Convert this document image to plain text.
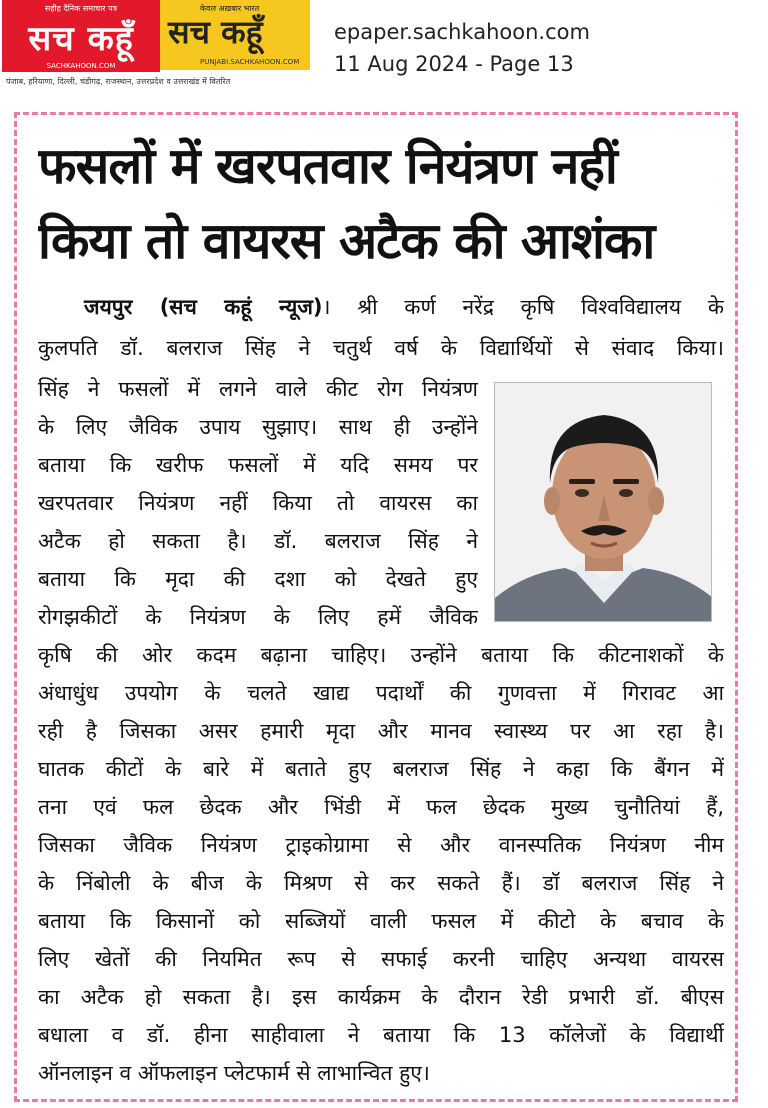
सहीह दैनिक समाचार पत्र
सच कहूँ
SACHKAHOON.COM
केवल अख़बार भारत
सच कहूँ
PUNJABI.SACHKAHOON.COM
पंजाब, हरियाणा, दिल्ली, चंडीगढ़, राजस्थान, उत्तरप्रदेश व उत्तराखंड में वितरित
epaper.sachkahoon.com
11 Aug 2024 - Page 13
फसलों में खरपतवार नियंत्रण नहीं
किया तो वायरस अटैक की आशंका
जयपुर (सच कहूं न्यूज)। श्री कर्ण नरेंद्र कृषि विश्वविद्यालय के
कुलपति डॉ. बलराज सिंह ने चतुर्थ वर्ष के विद्यार्थियों से संवाद किया।
सिंह ने फसलों में लगने वाले कीट रोग नियंत्रण
के लिए जैविक उपाय सुझाए। साथ ही उन्होंने
बताया कि खरीफ फसलों में यदि समय पर
खरपतवार नियंत्रण नहीं किया तो वायरस का
अटैक हो सकता है। डॉ. बलराज सिंह ने
बताया कि मृदा की दशा को देखते हुए
रोगझकीटों के नियंत्रण के लिए हमें जैविक
कृषि की ओर कदम बढ़ाना चाहिए। उन्होंने बताया कि कीटनाशकों के
अंधाधुंध उपयोग के चलते खाद्य पदार्थों की गुणवत्ता में गिरावट आ
रही है जिसका असर हमारी मृदा और मानव स्वास्थ्य पर आ रहा है।
घातक कीटों के बारे में बताते हुए बलराज सिंह ने कहा कि बैंगन में
तना एवं फल छेदक और भिंडी में फल छेदक मुख्य चुनौतियां हैं,
जिसका जैविक नियंत्रण ट्राइकोग्रामा से और वानस्पतिक नियंत्रण नीम
के निंबोली के बीज के मिश्रण से कर सकते हैं। डॉ बलराज सिंह ने
बताया कि किसानों को सब्जियों वाली फसल में कीटो के बचाव के
लिए खेतों की नियमित रूप से सफाई करनी चाहिए अन्यथा वायरस
का अटैक हो सकता है। इस कार्यक्रम के दौरान रेडी प्रभारी डॉ. बीएस
बधाला व डॉ. हीना साहीवाला ने बताया कि 13 कॉलेजों के विद्यार्थी
ऑनलाइन व ऑफलाइन प्लेटफार्म से लाभान्वित हुए।
